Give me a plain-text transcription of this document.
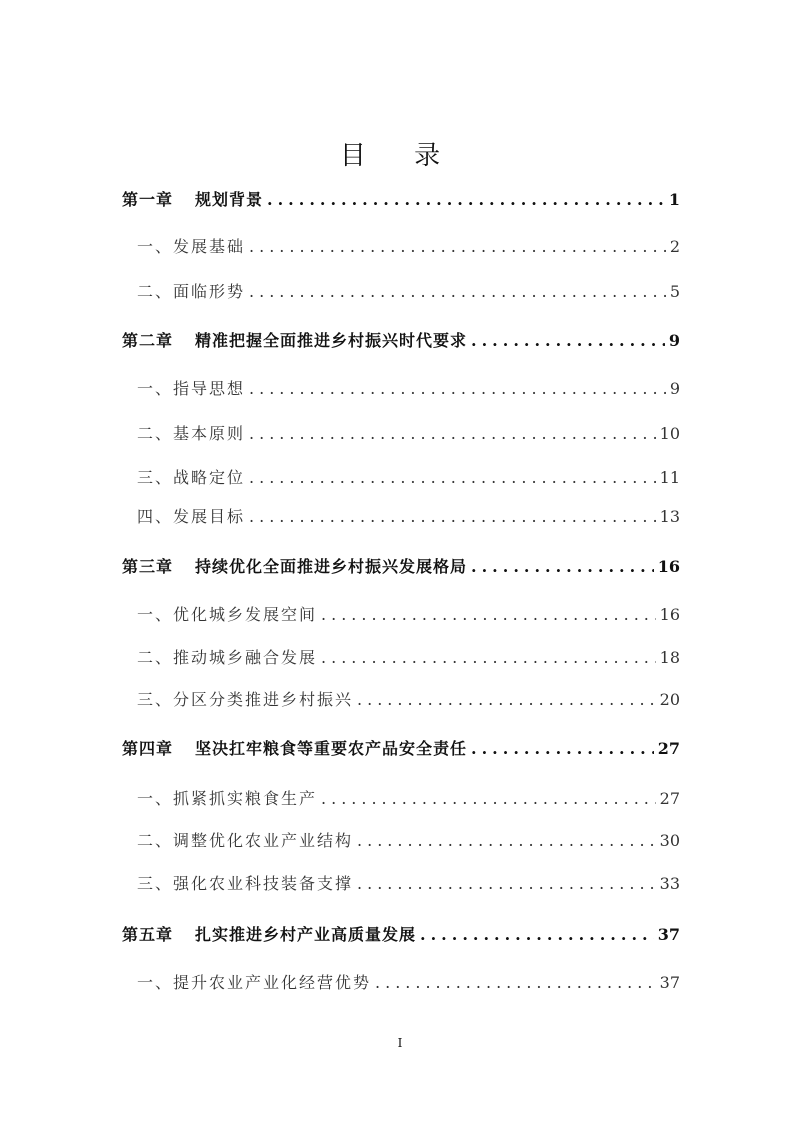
目 录
第一章 规划背景 .....	1
一、发展基础 .....	2
二、面临形势 .....	5
第二章 精准把握全面推进乡村振兴时代要求 .....	9
一、指导思想 .....	9
二、基本原则 .....	10
三、战略定位 .....	11
四、发展目标 .....	13
第三章 持续优化全面推进乡村振兴发展格局 .....	16
一、优化城乡发展空间 .....	16
二、推动城乡融合发展 .....	18
三、分区分类推进乡村振兴 .....	20
第四章 坚决扛牢粮食等重要农产品安全责任 .....	27
一、抓紧抓实粮食生产 .....	27
二、调整优化农业产业结构 .....	30
三、强化农业科技装备支撑 .....	33
第五章 扎实推进乡村产业高质量发展 .....	37
一、提升农业产业化经营优势 .....	37
I
